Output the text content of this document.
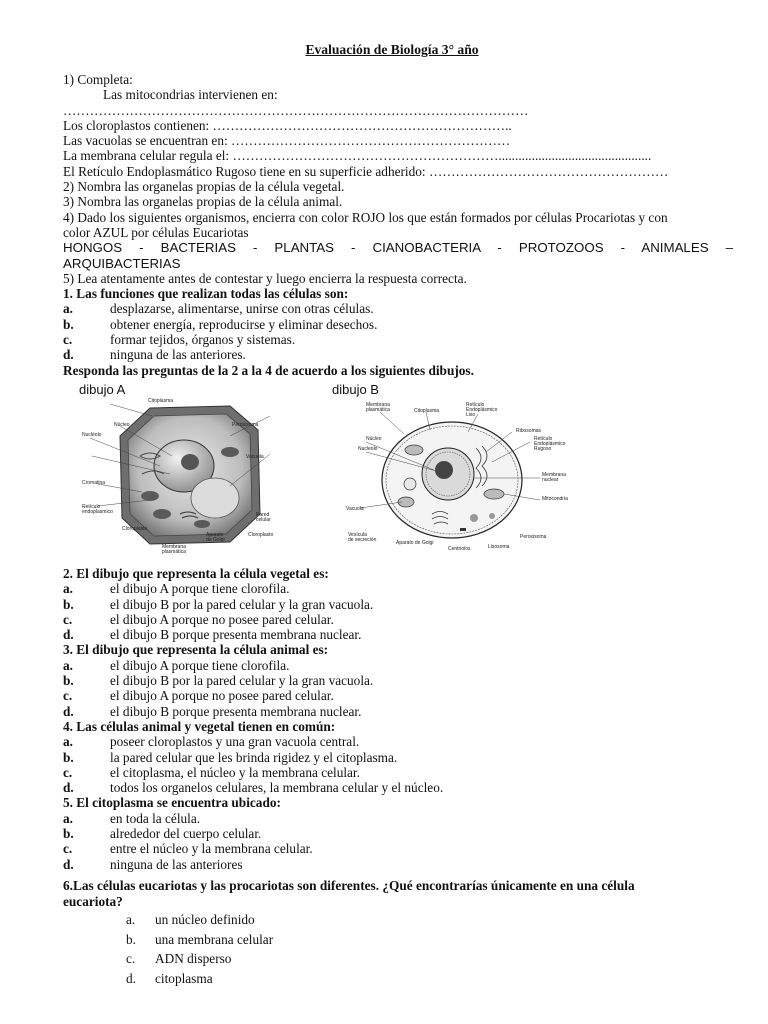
Evaluación de Biología 3° año
1) Completa:
Las mitocondrias intervienen en:
……………………………………………………………………………………………
Los cloroplastos contienen: …………………………………………………………..
Las vacuolas se encuentran en: ………………………………………………………
La membrana celular regula el: ……………………………………………………..............................................
El Retículo Endoplasmático Rugoso tiene en su superficie adherido: ………………………………………………
2) Nombra las organelas propias de la célula vegetal.
3) Nombra las organelas propias de la célula animal.
4) Dado los siguientes organismos, encierra con color ROJO los que están formados por células Procariotas y con
color AZUL por células Eucariotas
HONGOS - BACTERIAS - PLANTAS - CIANOBACTERIA - PROTOZOOS - ANIMALES –
ARQUIBACTERIAS
5) Lea atentamente antes de contestar y luego encierra la respuesta correcta.
1. Las funciones que realizan todas las células son:
a.	desplazarse, alimentarse, unirse con otras células.
b.	obtener energía, reproducirse y eliminar desechos.
c.	formar tejidos, órganos y sistemas.
d.	ninguna de las anteriores.
Responda las preguntas de la 2 a la 4 de acuerdo a los siguientes dibujos.
dibujo A	dibujo B
Citoplasma
Núcleo
Nucléolo
Peroxisoma
Vacuola
Cromatina
Retículo
endoplasmico
Cloroplasto
Pared
celular
Cloroplasto
Aparato
de Golgi
Membrana
plasmática
Membrana
plasmática	Citoplasma
Retículo
Endoplásmico
Liso
Ribosomas
Retículo
Endoplásmico
Rugoso
Núcleo
Nucleolo
Membrana
nuclear
Mitocondria
Vacuola
Vesícula
de secreción	Aparato de Golgi
Centriolos	Lisosoma
Peroxisoma
2. El dibujo que representa la célula vegetal es:
a.	el dibujo A porque tiene clorofila.
b.	el dibujo B por la pared celular y la gran vacuola.
c.	el dibujo A porque no posee pared celular.
d.	el dibujo B porque presenta membrana nuclear.
3. El dibujo que representa la célula animal es:
a.	el dibujo A porque tiene clorofila.
b.	el dibujo B por la pared celular y la gran vacuola.
c.	el dibujo A porque no posee pared celular.
d.	el dibujo B porque presenta membrana nuclear.
4. Las células animal y vegetal tienen en común:
a.	poseer cloroplastos y una gran vacuola central.
b.	la pared celular que les brinda rigidez y el citoplasma.
c.	el citoplasma, el núcleo y la membrana celular.
d.	todos los organelos celulares, la membrana celular y el núcleo.
5. El citoplasma se encuentra ubicado:
a.	en toda la célula.
b.	alrededor del cuerpo celular.
c.	entre el núcleo y la membrana celular.
d.	ninguna de las anteriores
6.Las células eucariotas y las procariotas son diferentes. ¿Qué encontrarías únicamente en una célula
eucariota?
a.	un núcleo definido
b.	una membrana celular
c.	ADN disperso
d.	citoplasma
